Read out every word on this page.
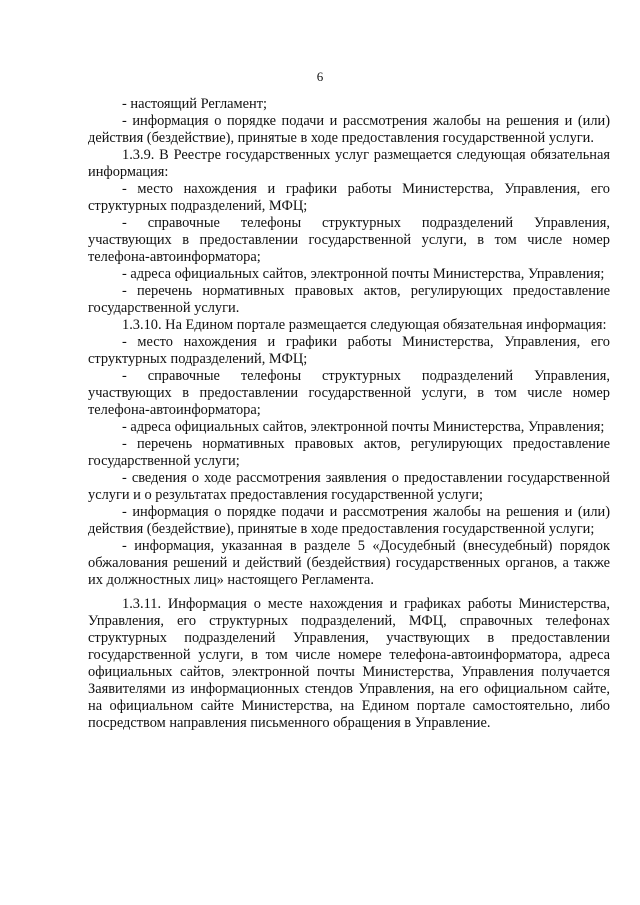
6

- настоящий Регламент;

- информация о порядке подачи и рассмотрения жалобы на решения и (или) действия (бездействие), принятые в ходе предоставления государственной услуги.

1.3.9. В Реестре государственных услуг размещается следующая обязательная информация:

- место нахождения и графики работы Министерства, Управления, его структурных подразделений, МФЦ;

- справочные телефоны структурных подразделений Управления, участвующих в предоставлении государственной услуги, в том числе номер телефона-автоинформатора;

- адреса официальных сайтов, электронной почты Министерства, Управления;

- перечень нормативных правовых актов, регулирующих предоставление государственной услуги.

1.3.10. На Едином портале размещается следующая обязательная информация:

- место нахождения и графики работы Министерства, Управления, его структурных подразделений, МФЦ;

- справочные телефоны структурных подразделений Управления, участвующих в предоставлении государственной услуги, в том числе номер телефона-автоинформатора;

- адреса официальных сайтов, электронной почты Министерства, Управления;

- перечень нормативных правовых актов, регулирующих предоставление государственной услуги;

- сведения о ходе рассмотрения заявления о предоставлении государственной услуги и о результатах предоставления государственной услуги;

- информация о порядке подачи и рассмотрения жалобы на решения и (или) действия (бездействие), принятые в ходе предоставления государственной услуги;

- информация, указанная в разделе 5 «Досудебный (внесудебный) порядок обжалования решений и действий (бездействия) государственных органов, а также их должностных лиц» настоящего Регламента.

1.3.11. Информация о месте нахождения и графиках работы Министерства, Управления, его структурных подразделений, МФЦ, справочных телефонах структурных подразделений Управления, участвующих в предоставлении государственной услуги, в том числе номере телефона-автоинформатора, адреса официальных сайтов, электронной почты Министерства, Управления получается Заявителями из информационных стендов Управления, на его официальном сайте, на официальном сайте Министерства, на Едином портале самостоятельно, либо посредством направления письменного обращения в Управление.
